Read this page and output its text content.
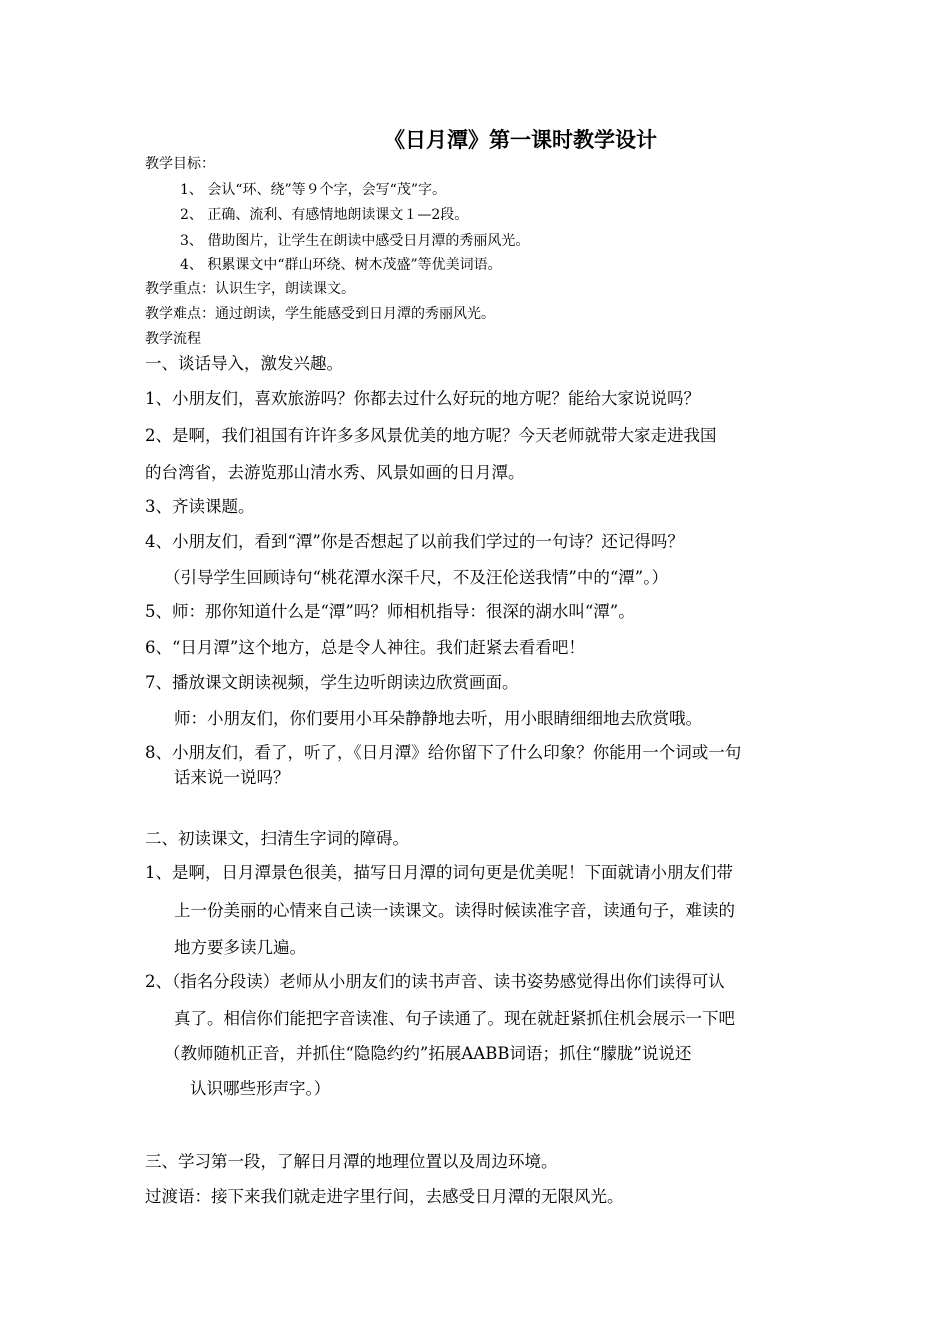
《日月潭》第一课时教学设计
教学目标：
1、 会认“环、绕”等９个字，会写“茂”字。
2、 正确、流利、有感情地朗读课文１—2段。
3、 借助图片，让学生在朗读中感受日月潭的秀丽风光。
4、 积累课文中“群山环绕、树木茂盛”等优美词语。
教学重点：认识生字，朗读课文。
教学难点：通过朗读，学生能感受到日月潭的秀丽风光。
教学流程
一、谈话导入，激发兴趣。
1、小朋友们，喜欢旅游吗？你都去过什么好玩的地方呢？能给大家说说吗？
2、是啊，我们祖国有许许多多风景优美的地方呢？今天老师就带大家走进我国
的台湾省，去游览那山清水秀、风景如画的日月潭。
3、齐读课题。
4、小朋友们，看到“潭”你是否想起了以前我们学过的一句诗？还记得吗？
（引导学生回顾诗句“桃花潭水深千尺，不及汪伦送我情”中的“潭”。）
5、师：那你知道什么是“潭”吗？师相机指导：很深的湖水叫“潭”。
6、“日月潭”这个地方，总是令人神往。我们赶紧去看看吧！
7、播放课文朗读视频，学生边听朗读边欣赏画面。
师：小朋友们，你们要用小耳朵静静地去听，用小眼睛细细地去欣赏哦。
8、小朋友们，看了，听了，《日月潭》给你留下了什么印象？你能用一个词或一句
话来说一说吗？
二、初读课文，扫清生字词的障碍。
1、是啊，日月潭景色很美，描写日月潭的词句更是优美呢！下面就请小朋友们带
上一份美丽的心情来自己读一读课文。读得时候读准字音，读通句子，难读的
地方要多读几遍。
2、（指名分段读）老师从小朋友们的读书声音、读书姿势感觉得出你们读得可认
真了。相信你们能把字音读准、句子读通了。现在就赶紧抓住机会展示一下吧
（教师随机正音，并抓住“隐隐约约”拓展AABB词语；抓住“朦胧”说说还
认识哪些形声字。）
三、学习第一段，了解日月潭的地理位置以及周边环境。
过渡语：接下来我们就走进字里行间，去感受日月潭的无限风光。
